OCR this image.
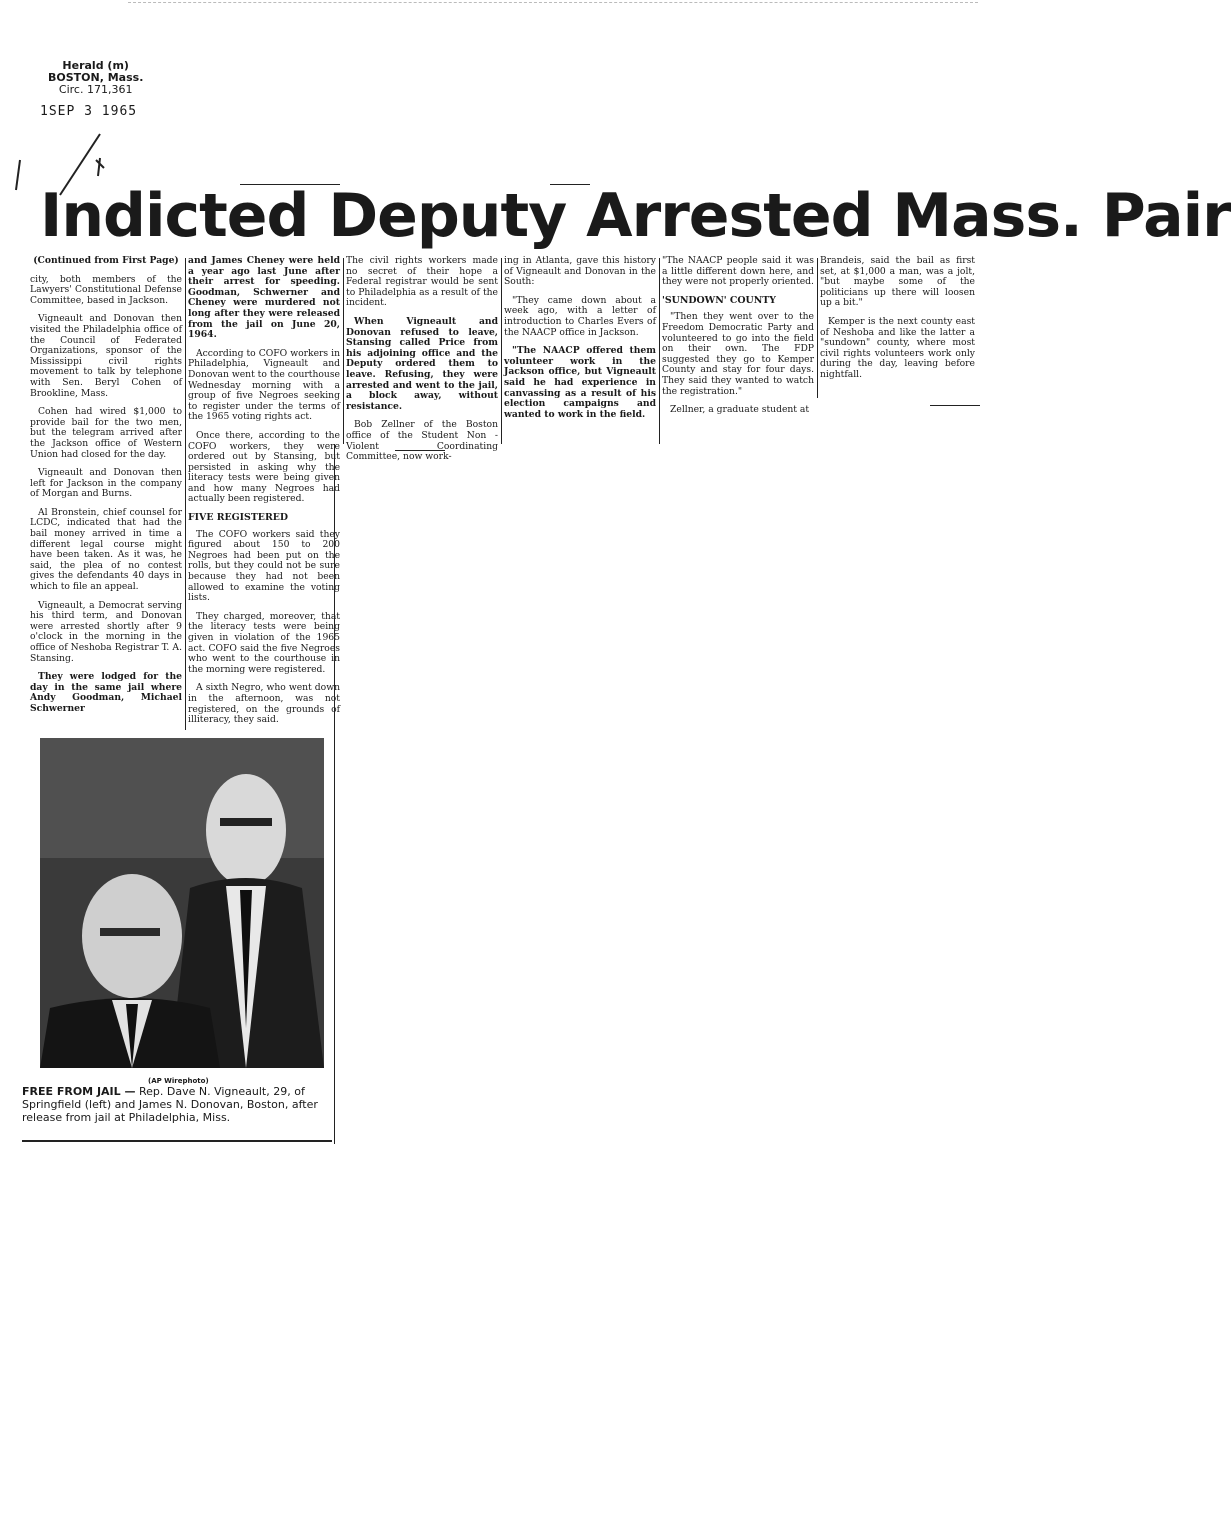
Herald (m)
BOSTON, Mass.
Circ. 171,361
1SEP 3 1965
Indicted Deputy Arrested Mass. Pair

(Continued from First Page)

city, both members of the Lawyers' Constitutional Defense Committee, based in Jackson.

Vigneault and Donovan then visited the Philadelphia office of the Council of Federated Organizations, sponsor of the Mississippi civil rights movement to talk by telephone with Sen. Beryl Cohen of Brookline, Mass.

Cohen had wired $1,000 to provide bail for the two men, but the telegram arrived after the Jackson office of Western Union had closed for the day.

Vigneault and Donovan then left for Jackson in the company of Morgan and Burns.

Al Bronstein, chief counsel for LCDC, indicated that had the bail money arrived in time a different legal course might have been taken. As it was, he said, the plea of no contest gives the defendants 40 days in which to file an appeal.

Vigneault, a Democrat serving his third term, and Donovan were arrested shortly after 9 o'clock in the morning in the office of Neshoba Registrar T. A. Stansing.

They were lodged for the day in the same jail where Andy Goodman, Michael Schwerner

and James Cheney were held a year ago last June after their arrest for speeding. Goodman, Schwerner and Cheney were murdered not long after they were released from the jail on June 20, 1964.

According to COFO workers in Philadelphia, Vigneault and Donovan went to the courthouse Wednesday morning with a group of five Negroes seeking to register under the terms of the 1965 voting rights act.

Once there, according to the COFO workers, they were ordered out by Stansing, but persisted in asking why the literacy tests were being given and how many Negroes had actually been registered.

FIVE REGISTERED

The COFO workers said they figured about 150 to 200 Negroes had been put on the rolls, but they could not be sure because they had not been allowed to examine the voting lists.

They charged, moreover, that the literacy tests were being given in violation of the 1965 act. COFO said the five Negroes who went to the courthouse in the morning were registered.

A sixth Negro, who went down in the afternoon, was not registered, on the grounds of illiteracy, they said.

The civil rights workers made no secret of their hope a Federal registrar would be sent to Philadelphia as a result of the incident.

When Vigneault and Donovan refused to leave, Stansing called Price from his adjoining office and the Deputy ordered them to leave. Refusing, they were arrested and went to the jail, a block away, without resistance.

Bob Zellner of the Boston office of the Student Non - Violent Coordinating Committee, now work-

ing in Atlanta, gave this history of Vigneault and Donovan in the South:

"They came down about a week ago, with a letter of introduction to Charles Evers of the NAACP office in Jackson.

"The NAACP offered them volunteer work in the Jackson office, but Vigneault said he had experience in canvassing as a result of his election campaigns and wanted to work in the field.

"The NAACP people said it was a little different down here, and they were not properly oriented.

'SUNDOWN' COUNTY

"Then they went over to the Freedom Democratic Party and volunteered to go into the field on their own. The FDP suggested they go to Kemper County and stay for four days. They said they wanted to watch the registration."

Zellner, a graduate student at

Brandeis, said the bail as first set, at $1,000 a man, was a jolt, "but maybe some of the politicians up there will loosen up a bit."

Kemper is the next county east of Neshoba and like the latter a "sundown" county, where most civil rights volunteers work only during the day, leaving before nightfall.

(AP Wirephoto)
FREE FROM JAIL — Rep. Dave N. Vigneault, 29, of Springfield (left) and James N. Donovan, Boston, after release from jail at Philadelphia, Miss.
